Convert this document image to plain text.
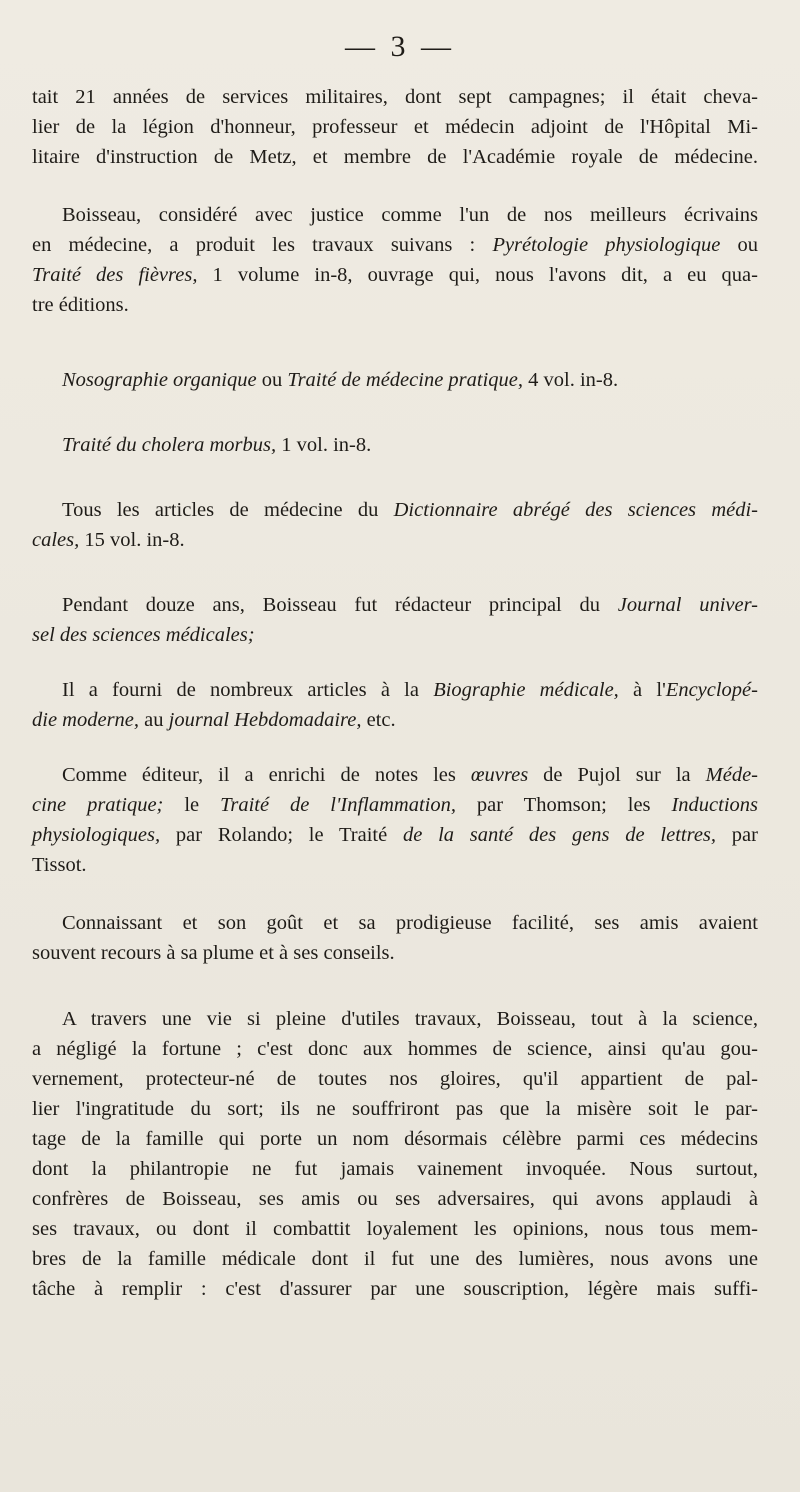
— 3 —

tait 21 années de services militaires, dont sept campagnes; il était cheva-
lier de la légion d'honneur, professeur et médecin adjoint de l'Hôpital Mi-
litaire d'instruction de Metz, et membre de l'Académie royale de médecine.

Boisseau, considéré avec justice comme l'un de nos meilleurs écrivains
en médecine, a produit les travaux suivans : Pyrétologie physiologique ou
Traité des fièvres, 1 volume in-8, ouvrage qui, nous l'avons dit, a eu qua-
tre éditions.

Nosographie organique ou Traité de médecine pratique, 4 vol. in-8.

Traité du cholera morbus, 1 vol. in-8.

Tous les articles de médecine du Dictionnaire abrégé des sciences médi-
cales, 15 vol. in-8.

Pendant douze ans, Boisseau fut rédacteur principal du Journal univer-
sel des sciences médicales;

Il a fourni de nombreux articles à la Biographie médicale, à l'Encyclopé-
die moderne, au journal Hebdomadaire, etc.

Comme éditeur, il a enrichi de notes les œuvres de Pujol sur la Méde-
cine pratique; le Traité de l'Inflammation, par Thomson; les Inductions
physiologiques, par Rolando; le Traité de la santé des gens de lettres, par
Tissot.

Connaissant et son goût et sa prodigieuse facilité, ses amis avaient
souvent recours à sa plume et à ses conseils.

A travers une vie si pleine d'utiles travaux, Boisseau, tout à la science,
a négligé la fortune ; c'est donc aux hommes de science, ainsi qu'au gou-
vernement, protecteur-né de toutes nos gloires, qu'il appartient de pal-
lier l'ingratitude du sort; ils ne souffriront pas que la misère soit le par-
tage de la famille qui porte un nom désormais célèbre parmi ces médecins
dont la philantropie ne fut jamais vainement invoquée. Nous surtout,
confrères de Boisseau, ses amis ou ses adversaires, qui avons applaudi à
ses travaux, ou dont il combattit loyalement les opinions, nous tous mem-
bres de la famille médicale dont il fut une des lumières, nous avons une
tâche à remplir : c'est d'assurer par une souscription, légère mais suffi-
